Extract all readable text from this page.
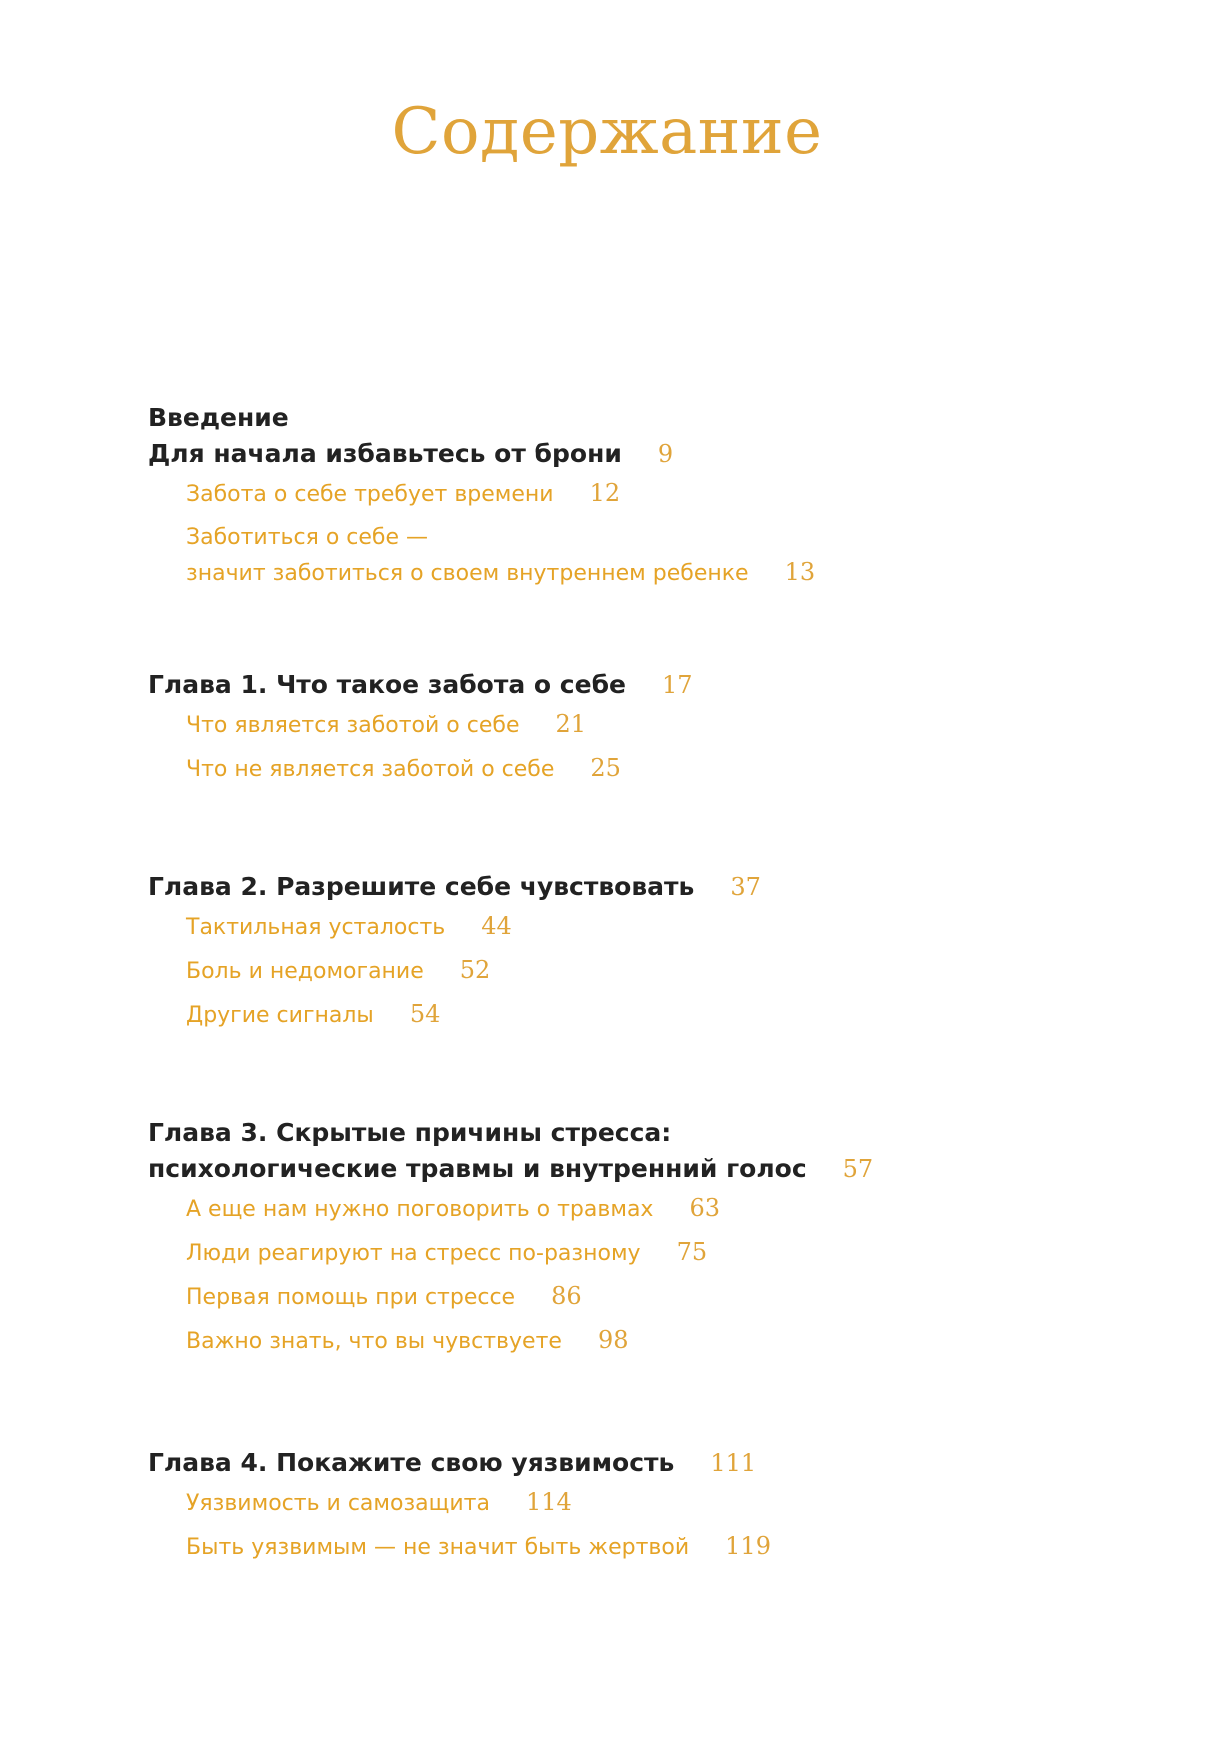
Содержание
Введение
Для начала избавьтесь от брони 9
Забота о себе требует времени 12
Заботиться о себе —
значит заботиться о своем внутреннем ребенке 13
Глава 1. Что такое забота о себе 17
Что является заботой о себе 21
Что не является заботой о себе 25
Глава 2. Разрешите себе чувствовать 37
Тактильная усталость 44
Боль и недомогание 52
Другие сигналы 54
Глава 3. Скрытые причины стресса:
психологические травмы и внутренний голос 57
А еще нам нужно поговорить о травмах 63
Люди реагируют на стресс по-разному 75
Первая помощь при стрессе 86
Важно знать, что вы чувствуете 98
Глава 4. Покажите свою уязвимость 111
Уязвимость и самозащита 114
Быть уязвимым — не значит быть жертвой 119
